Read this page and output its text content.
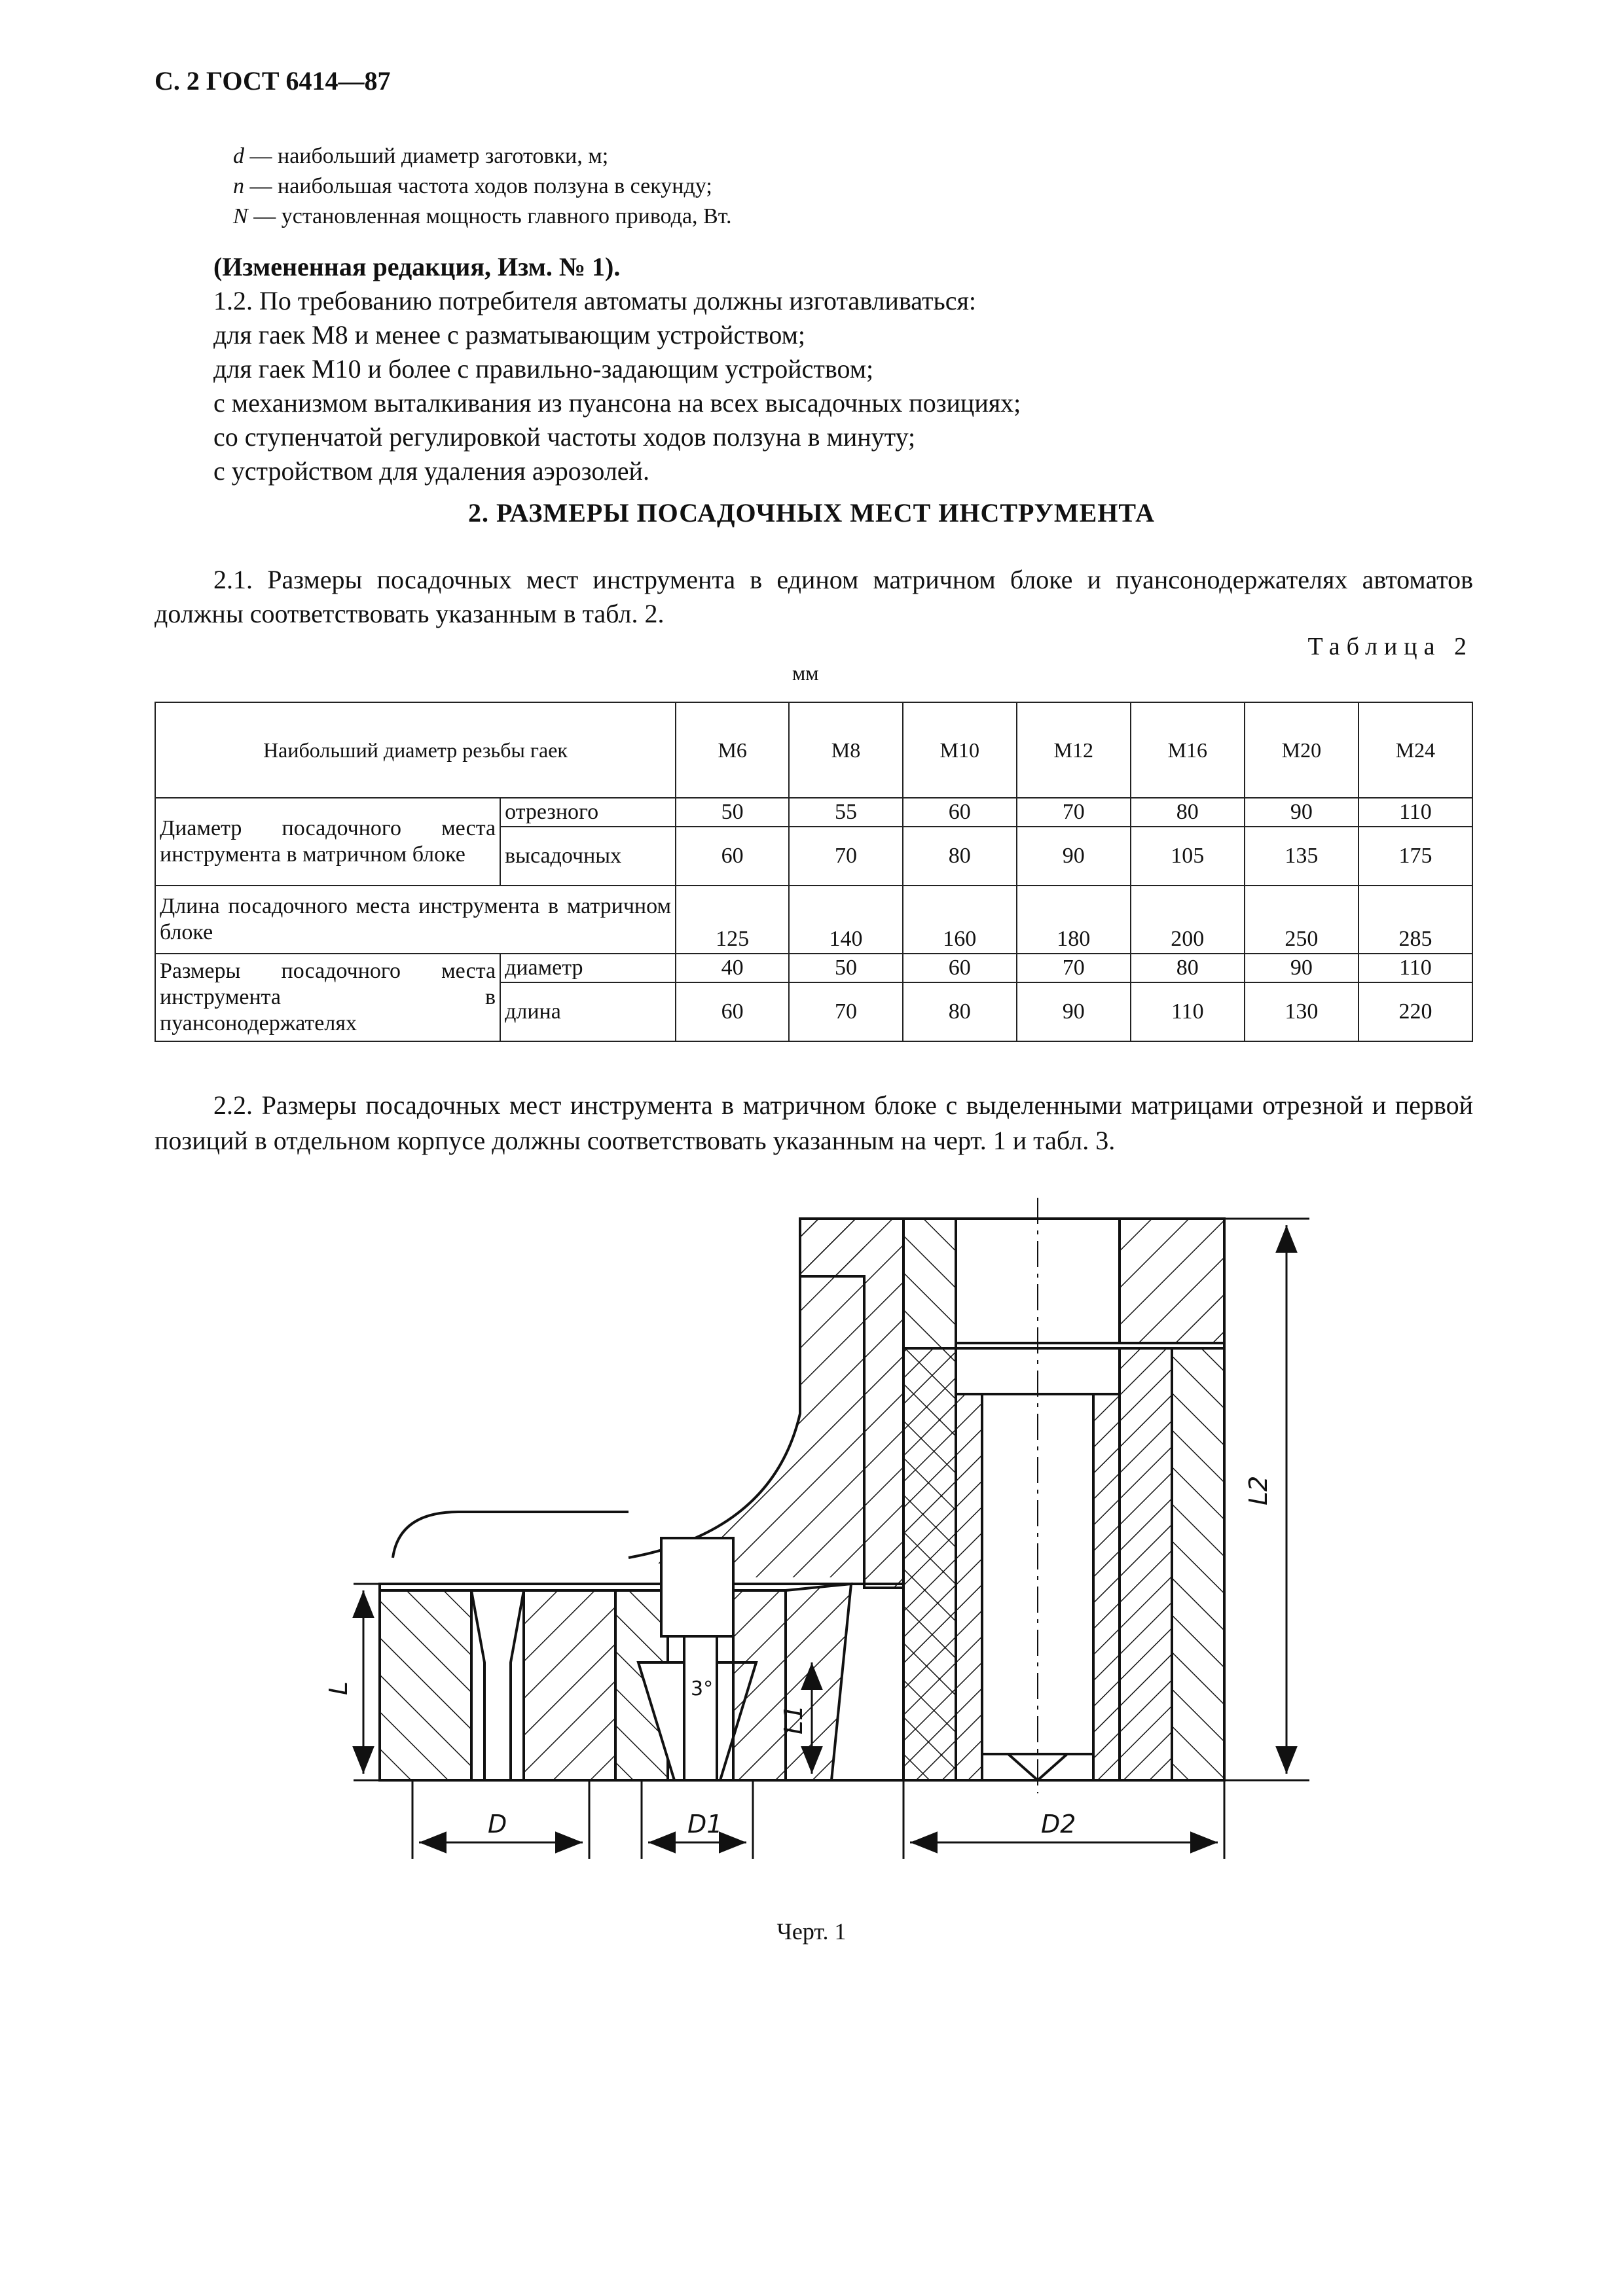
С. 2 ГОСТ 6414—87
d — наибольший диаметр заготовки, м;
n — наибольшая частота ходов ползуна в секунду;
N — установленная мощность главного привода, Вт.
(Измененная редакция, Изм. № 1).
1.2. По требованию потребителя автоматы должны изготавливаться:
для гаек М8 и менее с разматывающим устройством;
для гаек М10 и более с правильно-задающим устройством;
с механизмом выталкивания из пуансона на всех высадочных позициях;
со ступенчатой регулировкой частоты ходов ползуна в минуту;
с устройством для удаления аэрозолей.
2. РАЗМЕРЫ ПОСАДОЧНЫХ МЕСТ ИНСТРУМЕНТА
2.1. Размеры посадочных мест инструмента в едином матричном блоке и пуансонодержателях автоматов должны соответствовать указанным в табл. 2.
Таблица 2
мм
Наибольший диаметр резьбы гаек		М6	М8	М10	М12	М16	М20	М24
Диаметр посадочного места инструмента в матричном блоке	отрезного	50	55	60	70	80	90	110
	высадочных	60	70	80	90	105	135	175
Длина посадочного места инструмента в матричном блоке		125	140	160	180	200	250	285
Размеры посадочного места инструмента в пуансонодержателях	диаметр	40	50	60	70	80	90	110
	длина	60	70	80	90	110	130	220
2.2. Размеры посадочных мест инструмента в матричном блоке с выделенными матрицами отрезной и первой позиций в отдельном корпусе должны соответствовать указанным на черт. 1 и табл. 3.
L
L2
L1
D	D1	D2
3°
Черт. 1
